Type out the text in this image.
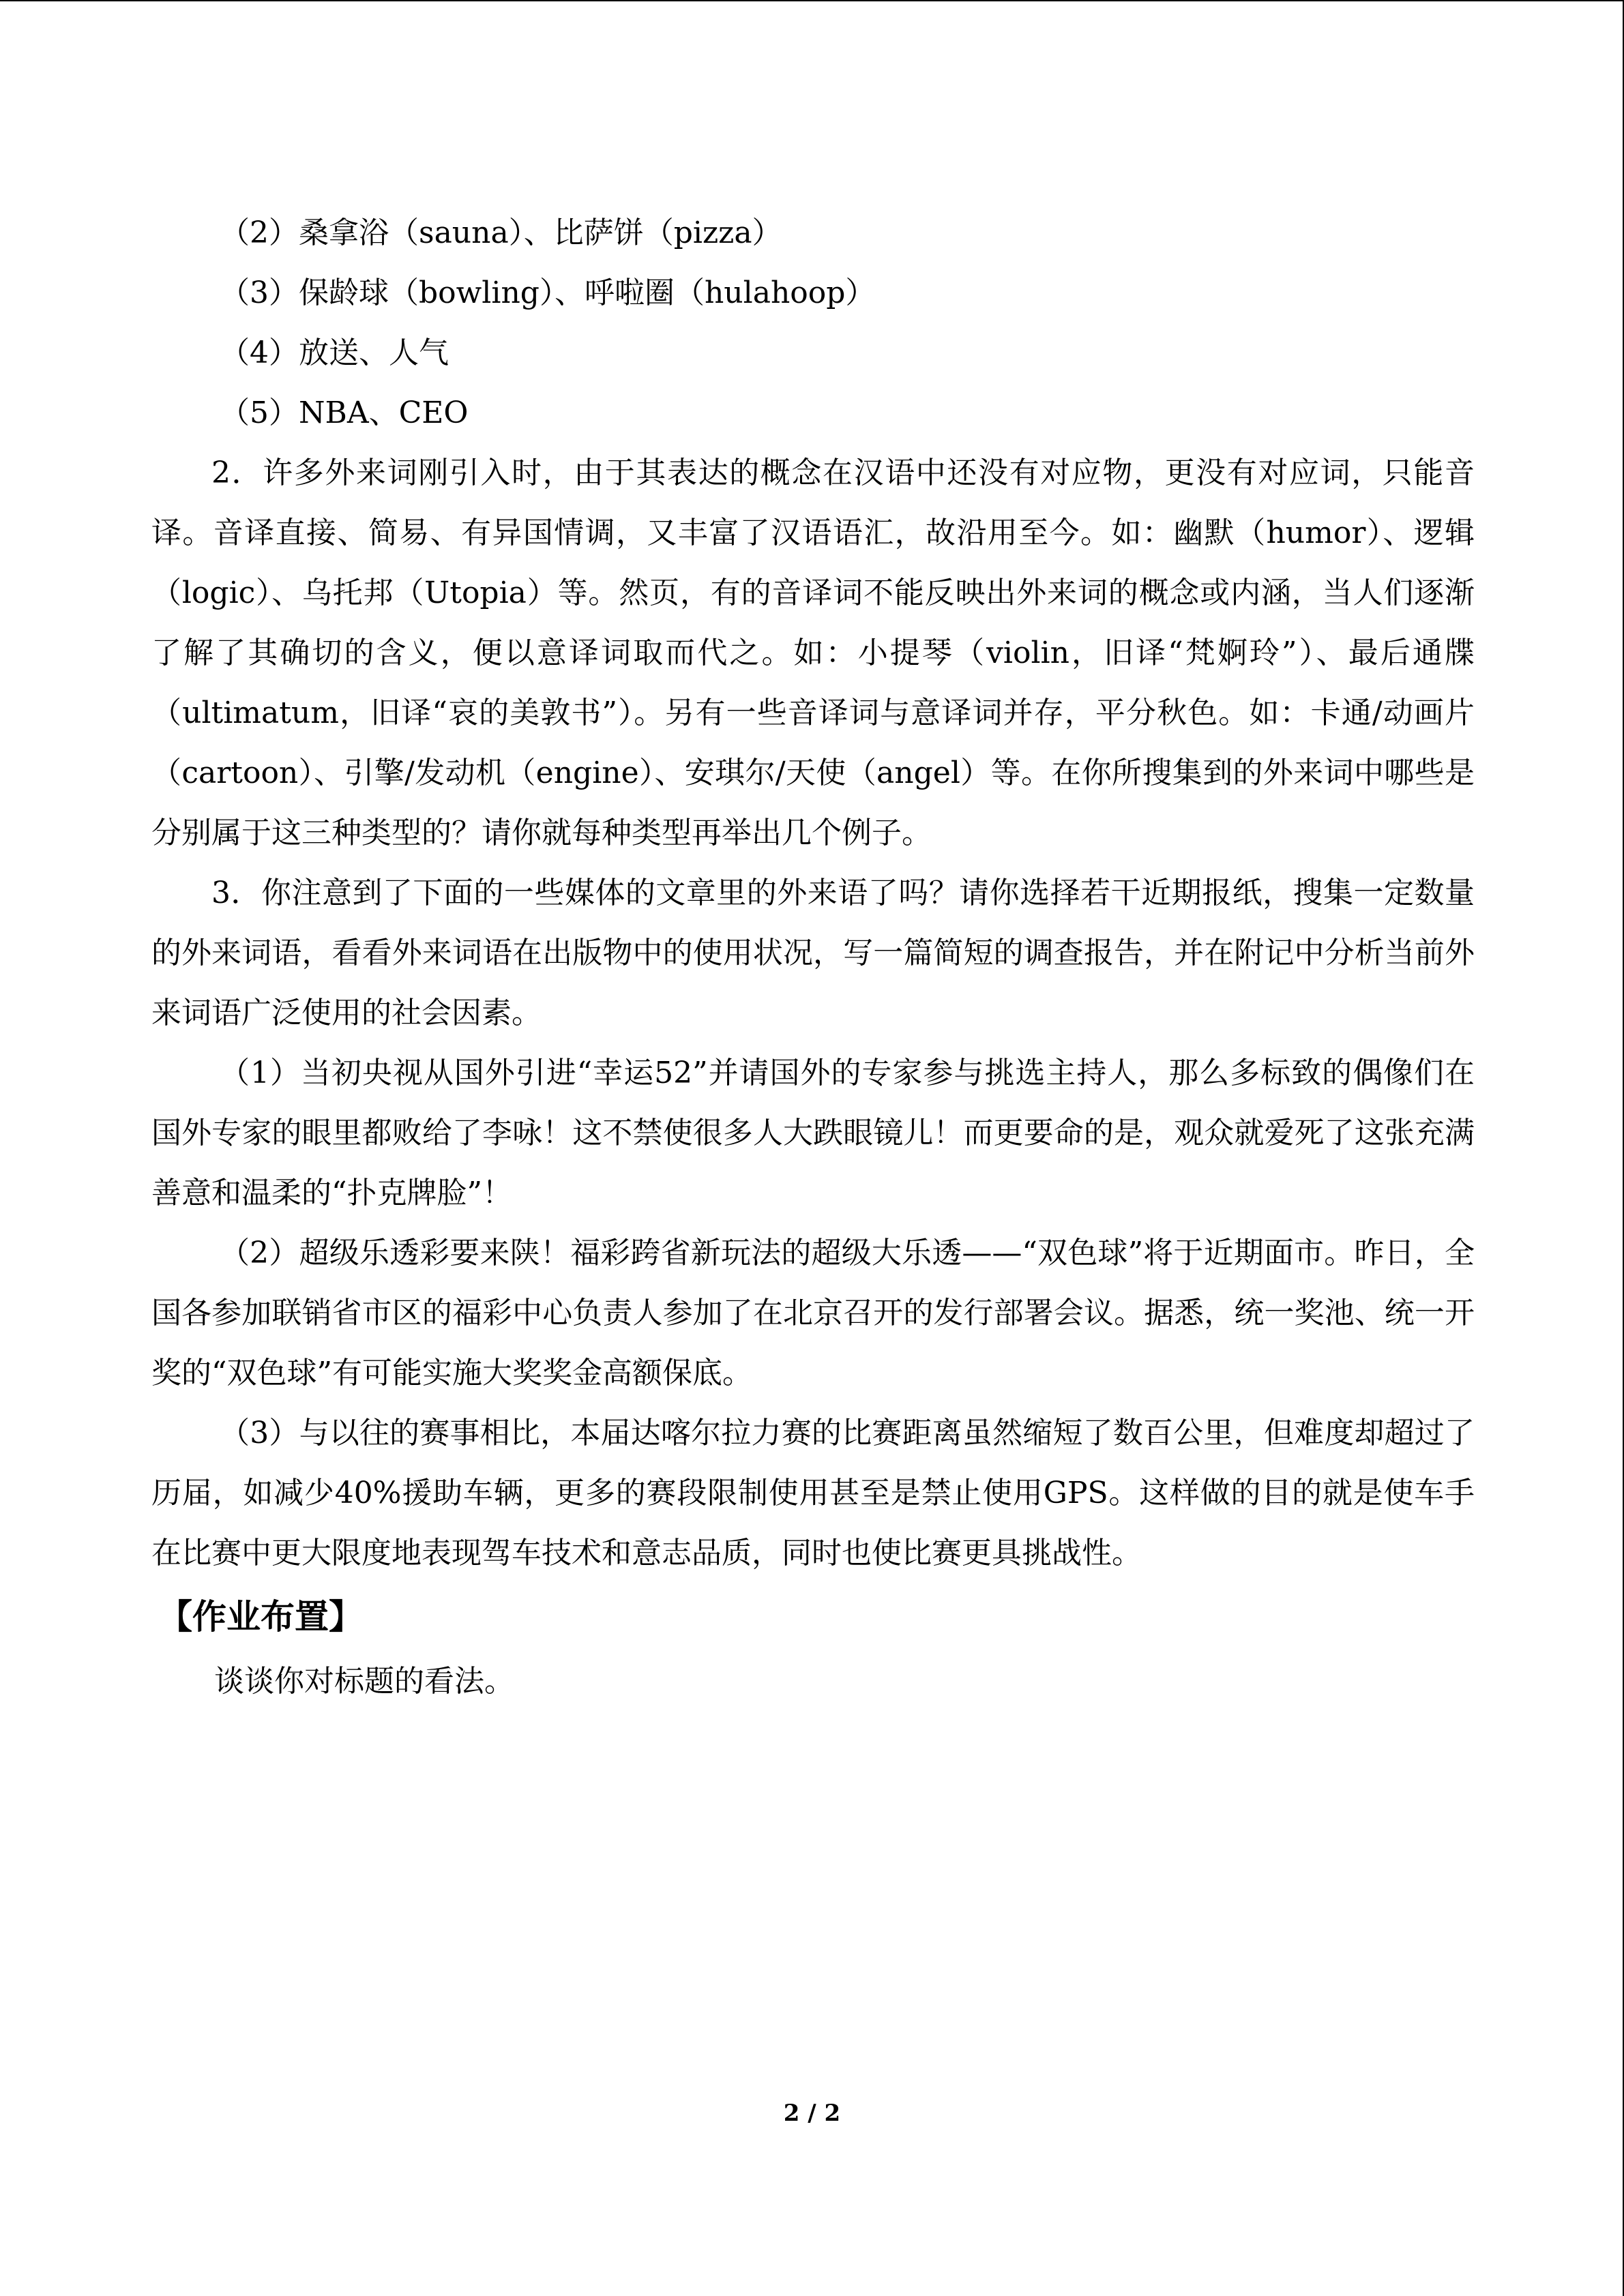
（2）桑拿浴（sauna）、比萨饼（pizza）

（3）保龄球（bowling）、呼啦圈（hulahoop）

（4）放送、人气

（5）NBA、CEO

2．许多外来词刚引入时，由于其表达的概念在汉语中还没有对应物，更没有对应词，只能音译。音译直接、简易、有异国情调，又丰富了汉语语汇，故沿用至今。如：幽默（humor）、逻辑（logic）、乌托邦（Utopia）等。然页，有的音译词不能反映出外来词的概念或内涵，当人们逐渐了解了其确切的含义，便以意译词取而代之。如：小提琴（violin，旧译“梵婀玲”）、最后通牒（ultimatum，旧译“哀的美敦书”）。另有一些音译词与意译词并存，平分秋色。如：卡通/动画片（cartoon）、引擎/发动机（engine）、安琪尔/天使（angel）等。在你所搜集到的外来词中哪些是分别属于这三种类型的？请你就每种类型再举出几个例子。

3．你注意到了下面的一些媒体的文章里的外来语了吗？请你选择若干近期报纸，搜集一定数量的外来词语，看看外来词语在出版物中的使用状况，写一篇简短的调查报告，并在附记中分析当前外来词语广泛使用的社会因素。

（1）当初央视从国外引进“幸运52”并请国外的专家参与挑选主持人，那么多标致的偶像们在国外专家的眼里都败给了李咏！这不禁使很多人大跌眼镜儿！而更要命的是，观众就爱死了这张充满善意和温柔的“扑克牌脸”！

（2）超级乐透彩要来陕！福彩跨省新玩法的超级大乐透——“双色球”将于近期面市。昨日，全国各参加联销省市区的福彩中心负责人参加了在北京召开的发行部署会议。据悉，统一奖池、统一开奖的“双色球”有可能实施大奖奖金高额保底。

（3）与以往的赛事相比，本届达喀尔拉力赛的比赛距离虽然缩短了数百公里，但难度却超过了历届，如减少40%援助车辆，更多的赛段限制使用甚至是禁止使用GPS。这样做的目的就是使车手在比赛中更大限度地表现驾车技术和意志品质，同时也使比赛更具挑战性。

【作业布置】

谈谈你对标题的看法。

2 / 2
